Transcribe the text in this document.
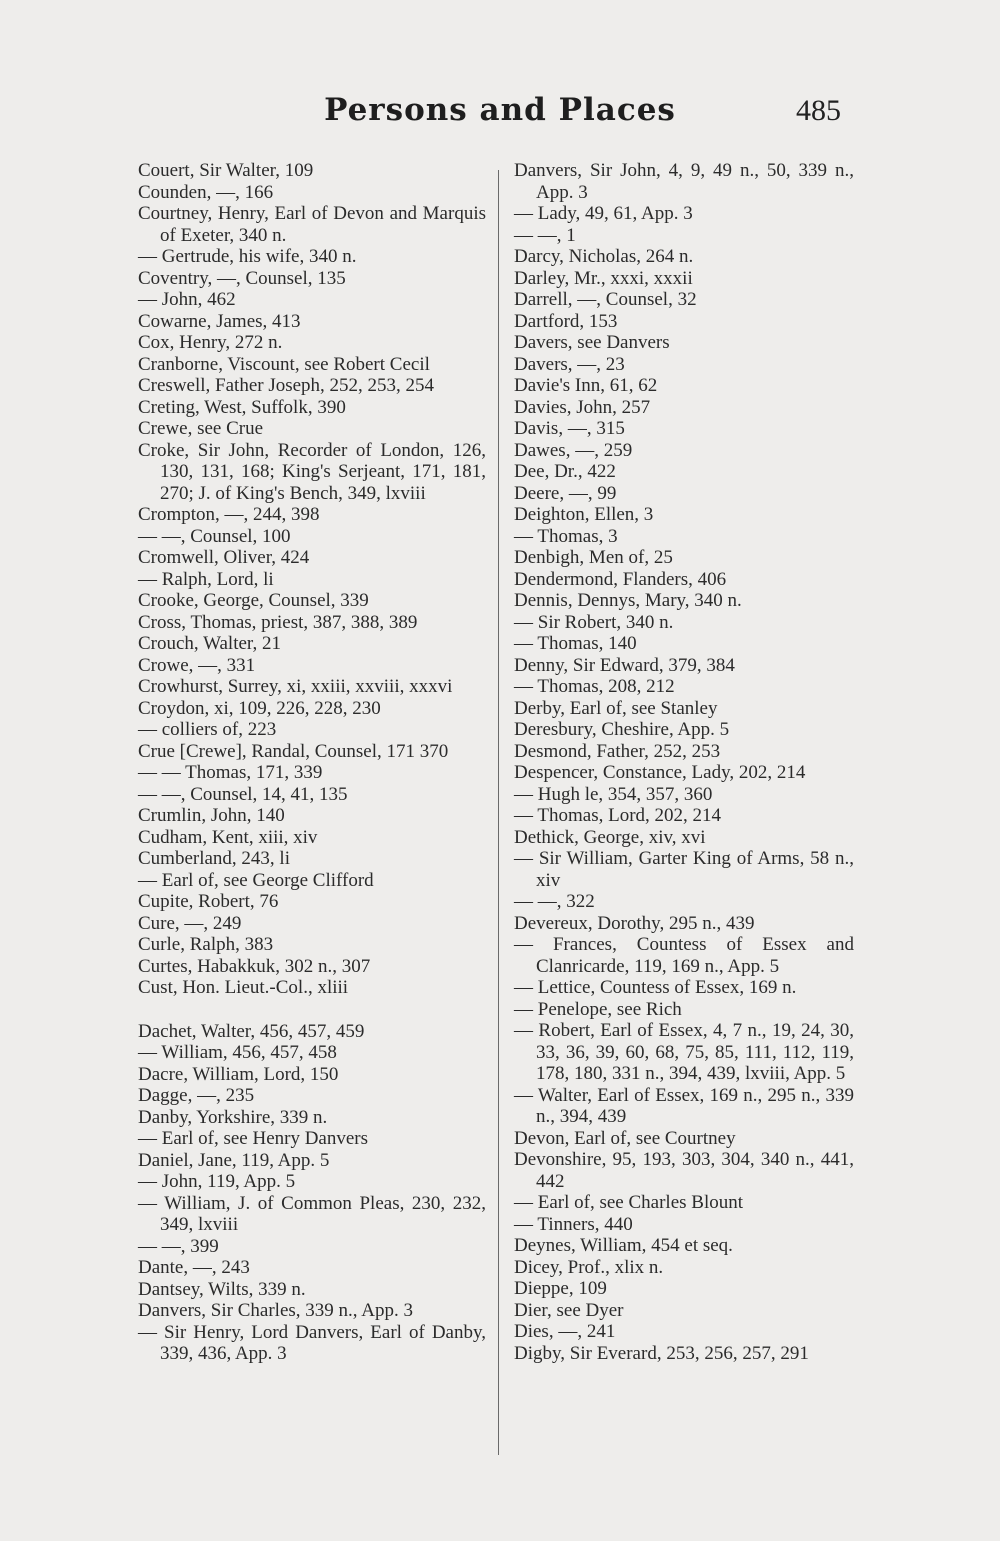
Persons and Places	485
Couert, Sir Walter, 109
Counden, —, 166
Courtney, Henry, Earl of Devon and Marquis of Exeter, 340 n.
— Gertrude, his wife, 340 n.
Coventry, —, Counsel, 135
— John, 462
Cowarne, James, 413
Cox, Henry, 272 n.
Cranborne, Viscount, see Robert Cecil
Creswell, Father Joseph, 252, 253, 254
Creting, West, Suffolk, 390
Crewe, see Crue
Croke, Sir John, Recorder of London, 126, 130, 131, 168; King's Serjeant, 171, 181, 270; J. of King's Bench, 349, lxviii
Crompton, —, 244, 398
— —, Counsel, 100
Cromwell, Oliver, 424
— Ralph, Lord, li
Crooke, George, Counsel, 339
Cross, Thomas, priest, 387, 388, 389
Crouch, Walter, 21
Crowe, —, 331
Crowhurst, Surrey, xi, xxiii, xxviii, xxxvi
Croydon, xi, 109, 226, 228, 230
— colliers of, 223
Crue [Crewe], Randal, Counsel, 171 370
— — Thomas, 171, 339
— —, Counsel, 14, 41, 135
Crumlin, John, 140
Cudham, Kent, xiii, xiv
Cumberland, 243, li
— Earl of, see George Clifford
Cupite, Robert, 76
Cure, —, 249
Curle, Ralph, 383
Curtes, Habakkuk, 302 n., 307
Cust, Hon. Lieut.-Col., xliii
Dachet, Walter, 456, 457, 459
— William, 456, 457, 458
Dacre, William, Lord, 150
Dagge, —, 235
Danby, Yorkshire, 339 n.
— Earl of, see Henry Danvers
Daniel, Jane, 119, App. 5
— John, 119, App. 5
— William, J. of Common Pleas, 230, 232, 349, lxviii
— —, 399
Dante, —, 243
Dantsey, Wilts, 339 n.
Danvers, Sir Charles, 339 n., App. 3
— Sir Henry, Lord Danvers, Earl of Danby, 339, 436, App. 3
Danvers, Sir John, 4, 9, 49 n., 50, 339 n., App. 3
— Lady, 49, 61, App. 3
— —, 1
Darcy, Nicholas, 264 n.
Darley, Mr., xxxi, xxxii
Darrell, —, Counsel, 32
Dartford, 153
Davers, see Danvers
Davers, —, 23
Davie's Inn, 61, 62
Davies, John, 257
Davis, —, 315
Dawes, —, 259
Dee, Dr., 422
Deere, —, 99
Deighton, Ellen, 3
— Thomas, 3
Denbigh, Men of, 25
Dendermond, Flanders, 406
Dennis, Dennys, Mary, 340 n.
— Sir Robert, 340 n.
— Thomas, 140
Denny, Sir Edward, 379, 384
— Thomas, 208, 212
Derby, Earl of, see Stanley
Deresbury, Cheshire, App. 5
Desmond, Father, 252, 253
Despencer, Constance, Lady, 202, 214
— Hugh le, 354, 357, 360
— Thomas, Lord, 202, 214
Dethick, George, xiv, xvi
— Sir William, Garter King of Arms, 58 n., xiv
— —, 322
Devereux, Dorothy, 295 n., 439
— Frances, Countess of Essex and Clanricarde, 119, 169 n., App. 5
— Lettice, Countess of Essex, 169 n.
— Penelope, see Rich
— Robert, Earl of Essex, 4, 7 n., 19, 24, 30, 33, 36, 39, 60, 68, 75, 85, 111, 112, 119, 178, 180, 331 n., 394, 439, lxviii, App. 5
— Walter, Earl of Essex, 169 n., 295 n., 339 n., 394, 439
Devon, Earl of, see Courtney
Devonshire, 95, 193, 303, 304, 340 n., 441, 442
— Earl of, see Charles Blount
— Tinners, 440
Deynes, William, 454 et seq.
Dicey, Prof., xlix n.
Dieppe, 109
Dier, see Dyer
Dies, —, 241
Digby, Sir Everard, 253, 256, 257, 291
